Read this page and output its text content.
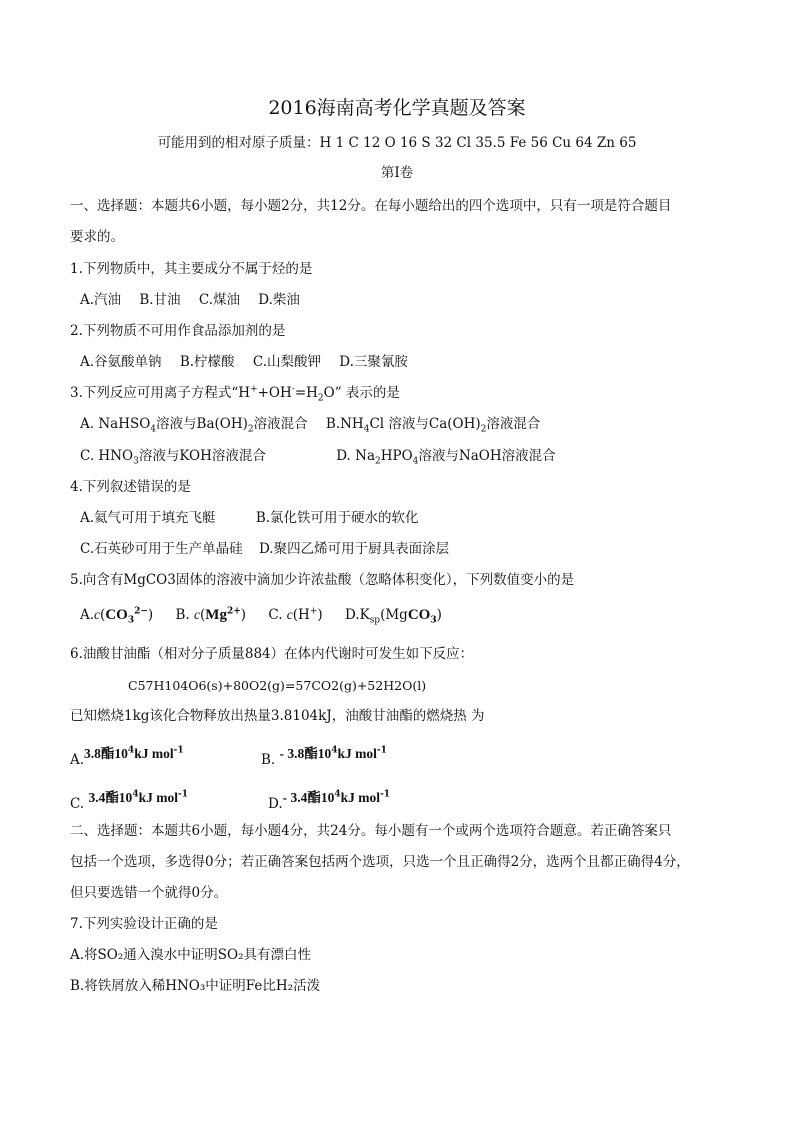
2016海南高考化学真题及答案
可能用到的相对原子质量：H 1 C 12 O 16 S 32 Cl 35.5 Fe 56 Cu 64 Zn 65
第Ⅰ卷
一、选择题：本题共6小题，每小题2分，共12分。在每小题给出的四个选项中，只有一项是符合题目
要求的。
1.下列物质中，其主要成分不属于烃的是
A.汽油 B.甘油 C.煤油 D.柴油
2.下列物质不可用作食品添加剂的是
A.谷氨酸单钠 B.柠檬酸 C.山梨酸钾 D.三聚氰胺
3.下列反应可用离子方程式“$H^++OH^-=H_2O$” 表示的是
A. NaHSO$_4$溶液与$Ba(OH)_2$溶液混合 $B.NH_4Cl$ 溶液与$Ca(OH)_2$溶液混合
C. $HNO_3$溶液与KOH溶液混合	D. $Na_2HPO_4$溶液与NaOH溶液混合
4.下列叙述错误的是
A.氦气可用于填充飞艇	B.氯化铁可用于硬水的软化
C.石英砂可用于生产单晶硅 D.聚四乙烯可用于厨具表面涂层
5.向含有MgCO3固体的溶液中滴加少许浓盐酸（忽略体积变化），下列数值变小的是
$A.c(CO_3^{2-})$ B. $c(Mg^{2+})$ C. c(H+) $D.K_{sp}(MgCO_3)$
6.油酸甘油酯（相对分子质量884）在体内代谢时可发生如下反应：
C57H104O6(s)+80O2(g)=57CO2(g)+52H2O(l)
已知燃烧1kg该化合物释放出热量3.8104kJ，油酸甘油酯的燃烧热 为
A.3.8酯$10^4kJ$ mol$^{-1}$
B. - 3.8酯$10^4kJ$ mol$^{-1}$
C. 3.4酯$10^4kJ$ mol$^{-1}$
D.- 3.4酯$10^4kJ$ mol$^{-1}$
二、选择题：本题共6小题，每小题4分，共24分。每小题有一个或两个选项符合题意。若正确答案只
包括一个选项，多选得0分；若正确答案包括两个选项，只选一个且正确得2分，选两个且都正确得4分，
但只要选错一个就得0分。
7.下列实验设计正确的是
A.将SO₂通入溴水中证明SO₂具有漂白性
B.将铁屑放入稀HNO₃中证明Fe比H₂活泼
